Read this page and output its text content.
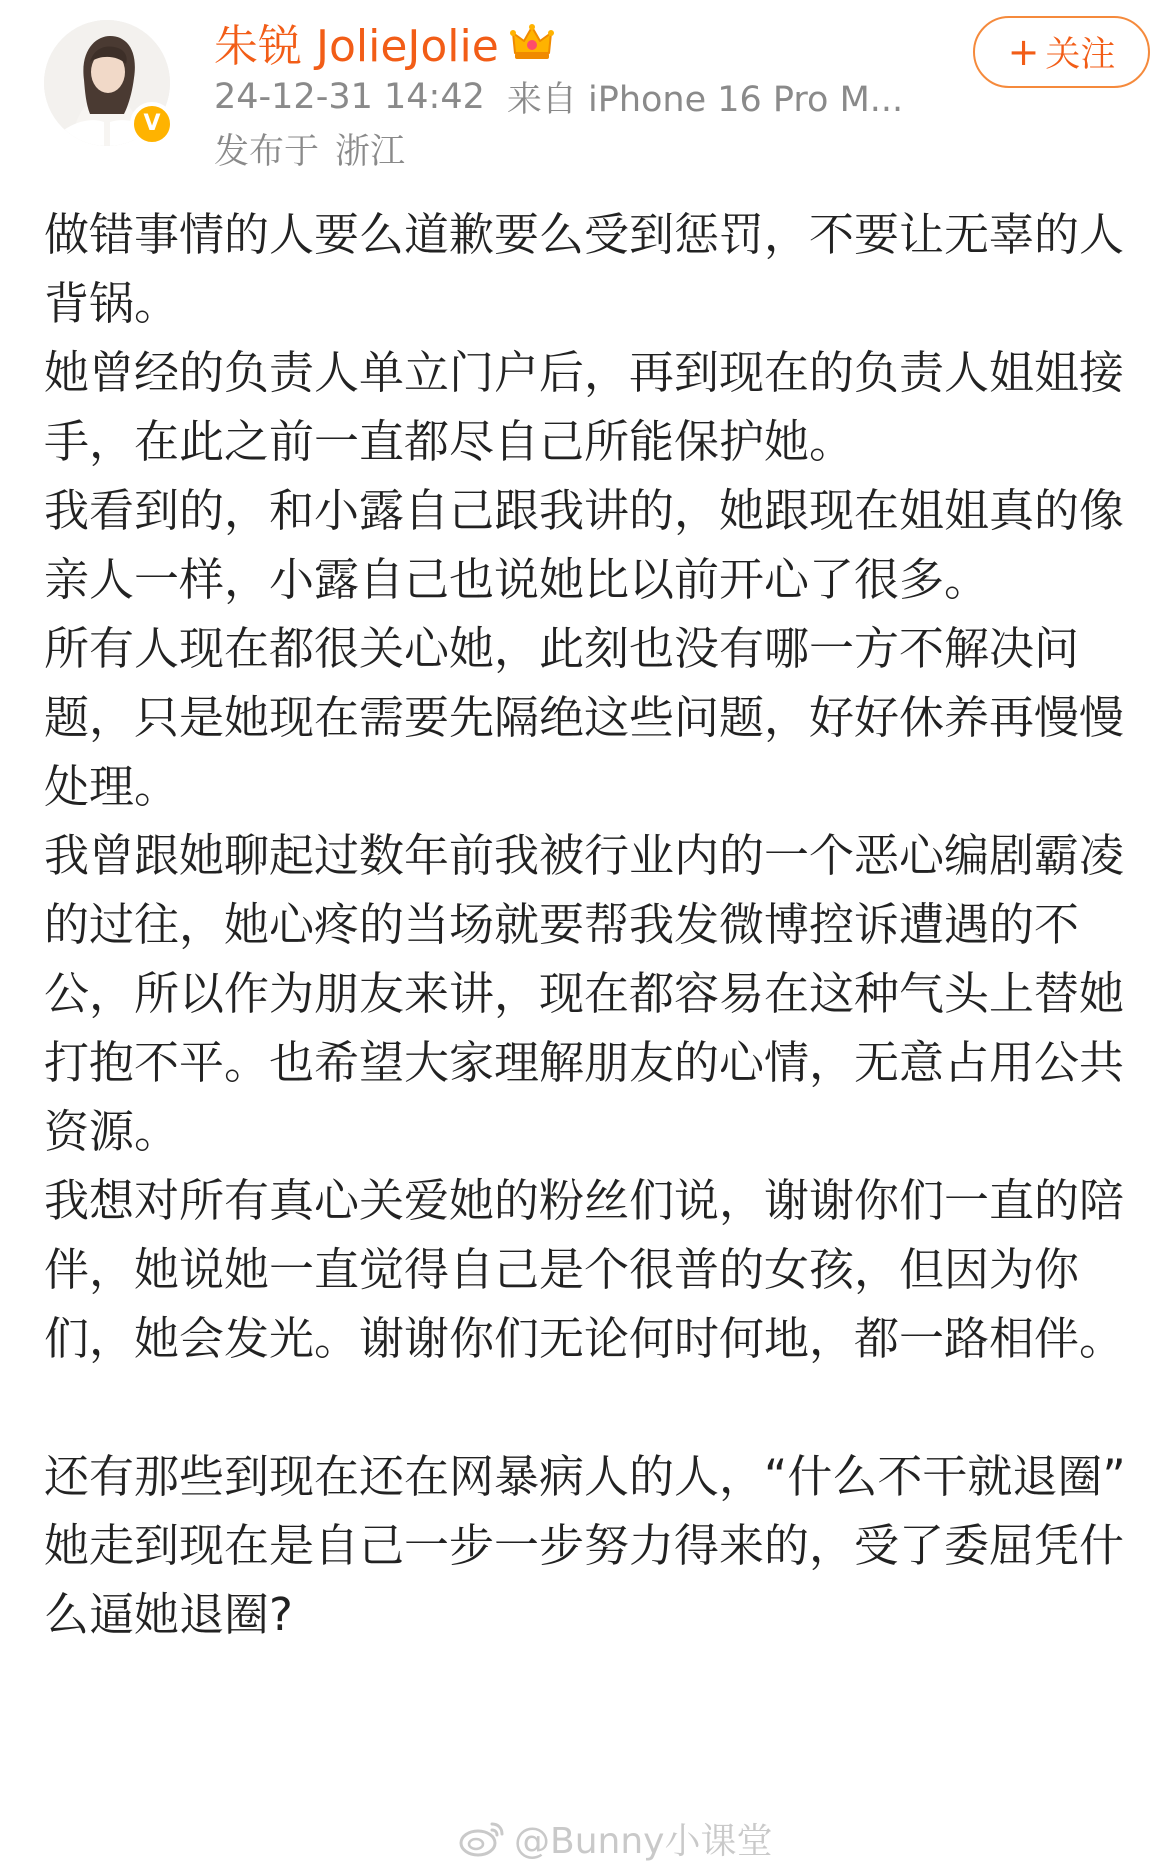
V
朱锐 JolieJolie
24-12-31 14:42 来自 iPhone 16 Pro M...
发布于 浙江
+ 关注

做错事情的人要么道歉要么受到惩罚，不要让无辜的人背锅。

她曾经的负责人单立门户后，再到现在的负责人姐姐接手，在此之前一直都尽自己所能保护她。

我看到的，和小露自己跟我讲的，她跟现在姐姐真的像亲人一样，小露自己也说她比以前开心了很多。

所有人现在都很关心她，此刻也没有哪一方不解决问题，只是她现在需要先隔绝这些问题，好好休养再慢慢处理。

我曾跟她聊起过数年前我被行业内的一个恶心编剧霸凌的过往，她心疼的当场就要帮我发微博控诉遭遇的不公，所以作为朋友来讲，现在都容易在这种气头上替她打抱不平。也希望大家理解朋友的心情，无意占用公共资源。

我想对所有真心关爱她的粉丝们说，谢谢你们一直的陪伴，她说她一直觉得自己是个很普的女孩，但因为你们，她会发光。谢谢你们无论何时何地，都一路相伴。

还有那些到现在还在网暴病人的人，“什么不干就退圈”

她走到现在是自己一步一步努力得来的，受了委屈凭什么逼她退圈?

@Bunny小课堂
